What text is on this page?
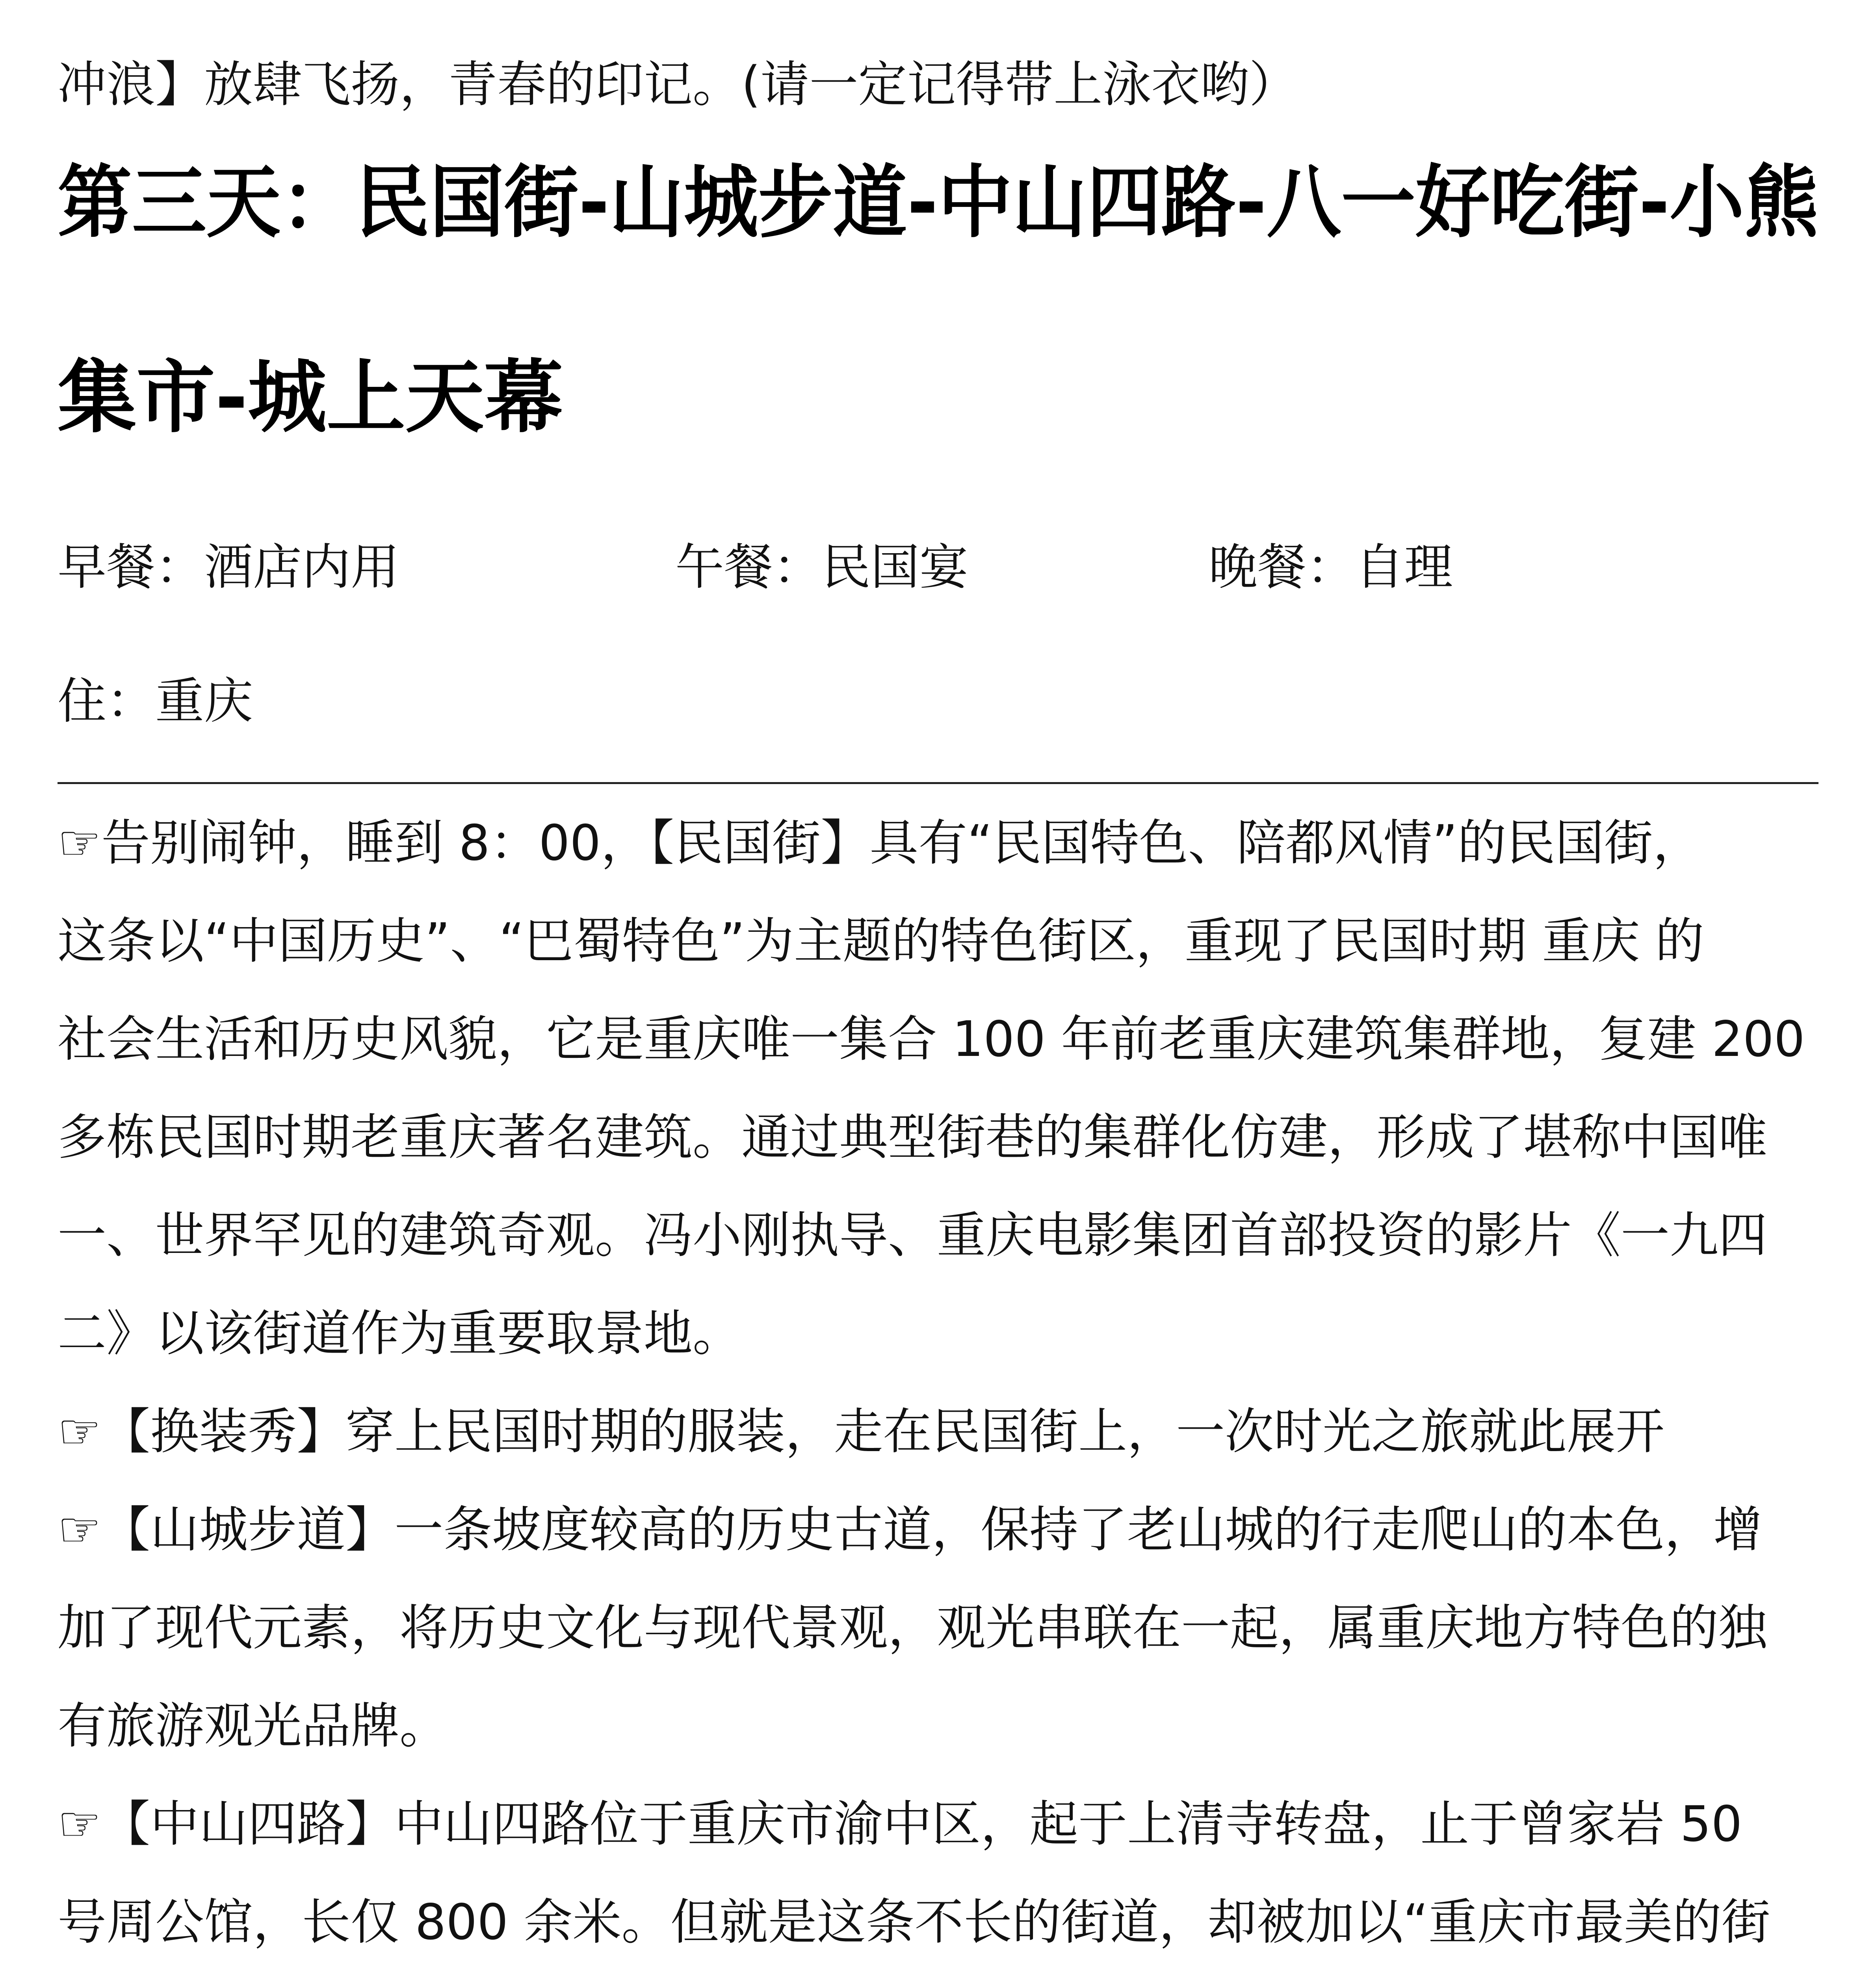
冲浪】放肆飞扬，青春的印记。(请一定记得带上泳衣哟）
第三天：民国街-山城步道-中山四路-八一好吃街-小熊
集市-城上天幕
早餐：酒店内用	午餐：民国宴	晚餐：自理
住：重庆
☞告别闹钟，睡到 8：00，【民国街】具有“民国特色、陪都风情”的民国街，
这条以“中国历史”、“巴蜀特色”为主题的特色街区，重现了民国时期 重庆 的
社会生活和历史风貌，它是重庆唯一集合 100 年前老重庆建筑集群地，复建 200
多栋民国时期老重庆著名建筑。通过典型街巷的集群化仿建，形成了堪称中国唯
一、世界罕见的建筑奇观。冯小刚执导、重庆电影集团首部投资的影片《一九四
二》以该街道作为重要取景地。
☞【换装秀】穿上民国时期的服装，走在民国街上，一次时光之旅就此展开
☞【山城步道】一条坡度较高的历史古道，保持了老山城的行走爬山的本色，增
加了现代元素，将历史文化与现代景观，观光串联在一起，属重庆地方特色的独
有旅游观光品牌。
☞【中山四路】中山四路位于重庆市渝中区，起于上清寺转盘，止于曾家岩 50
号周公馆，长仅 800 余米。但就是这条不长的街道，却被加以“重庆市最美的街
